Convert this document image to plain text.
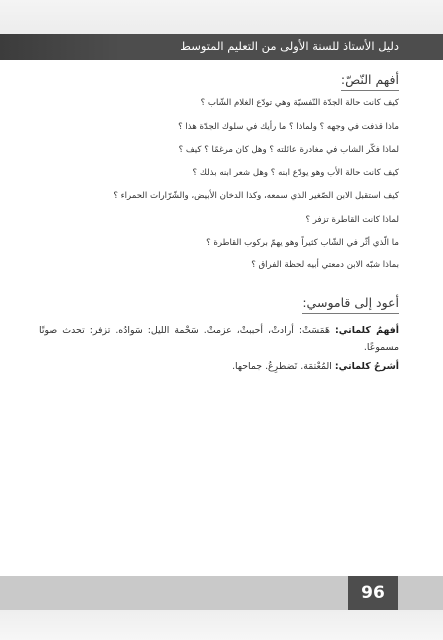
دليل الأستاذ للسنة الأولى من التعليم المتوسط
أفهم النّصّ:
كيف كانت حالة الجدّة النّفسيّة وهي تودّع الغلام الشّاب ؟
ماذا قذفت في وجهه ؟ ولماذا ؟ ما رأيك في سلوك الجدّة هذا ؟
لماذا فكّر الشاب في مغادرة عائلته ؟ وهل كان مرغمًا ؟ كيف ؟
كيف كانت حالة الأب وهو يودّع ابنه ؟ وهل شعر ابنه بذلك ؟
كيف استقبل الابن الصّغير الذي سمعه، وكذا الدخان الأبيض، والشّرّارات الحمراء ؟
لماذا كانت القاطرة تزفر ؟
ما الّذي أثّر في الشّاب كثيراً وهو يهمّ بركوب القاطرة ؟
بماذا شبّه الابن دمعتي أبيه لحظة الفراق ؟
أعود إلى قاموسي:
أفهمُ كلماتي: هَمَسَتْ: أرادتْ، أحببتْ، عزمتْ. سَحْمة الليل: سَوادُه. تزفر: تحدث صوتًا مسموعًا.
أشرحُ كلماتي: المُعْتمَة. تَضطرِعُ. جماحها.
96
